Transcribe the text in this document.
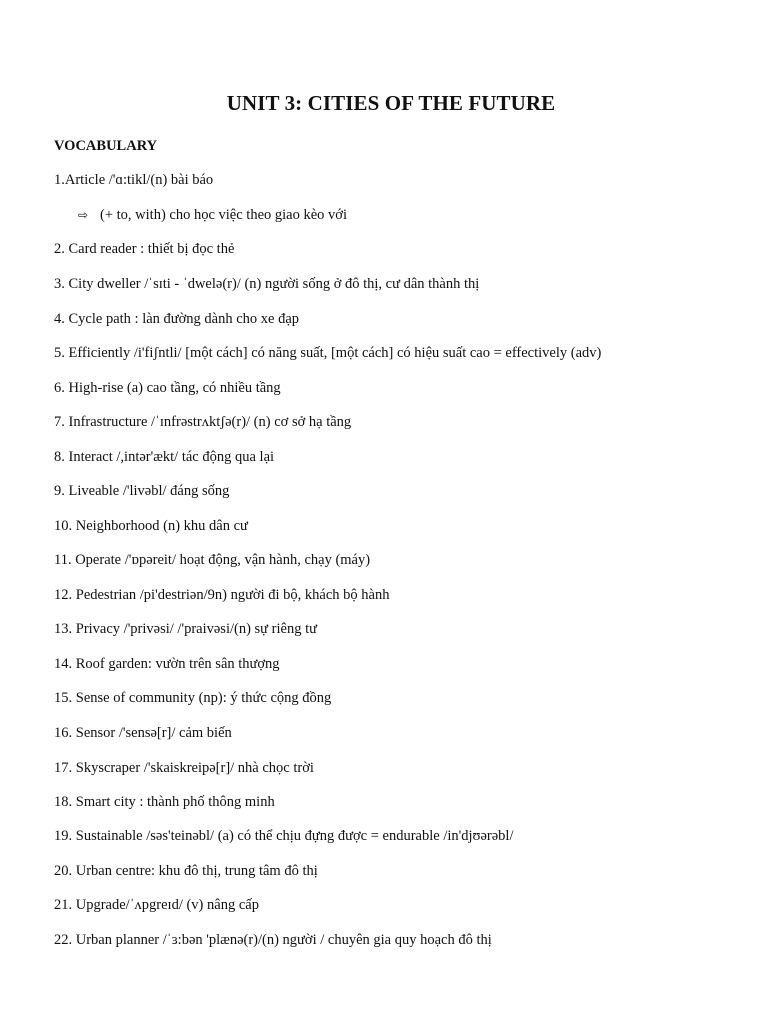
UNIT 3: CITIES OF THE FUTURE
VOCABULARY
1.Article /'ɑ:tikl/(n) bài báo
⇨ (+ to, with) cho học việc theo giao kèo với
2. Card reader : thiết bị đọc thẻ
3. City dweller /ˈsɪti - ˈdwelə(r)/ (n) người sống ở đô thị, cư dân thành thị
4. Cycle path : làn đường dành cho xe đạp
5. Efficiently /i'fiʃntli/ [một cách] có năng suất, [một cách] có hiệu suất cao = effectively (adv)
6. High-rise (a) cao tầng, có nhiều tầng
7. Infrastructure /ˈɪnfrəstrʌktʃə(r)/ (n) cơ sở hạ tầng
8. Interact /,intər'ækt/ tác động qua lại
9. Liveable /'livəbl/ đáng sống
10. Neighborhood (n) khu dân cư
11. Operate /'ɒpəreit/ hoạt động, vận hành, chạy (máy)
12. Pedestrian /pi'destriən/9n) người đi bộ, khách bộ hành
13. Privacy /'privəsi/ /'praivəsi/(n) sự riêng tư
14. Roof garden: vườn trên sân thượng
15. Sense of community (np): ý thức cộng đồng
16. Sensor /'sensə[r]/ cảm biến
17. Skyscraper /'skaiskreipə[r]/ nhà chọc trời
18. Smart city : thành phố thông minh
19. Sustainable /səs'teinəbl/ (a) có thể chịu đựng được = endurable /in'djʊərəbl/
20. Urban centre: khu đô thị, trung tâm đô thị
21. Upgrade/ˈʌpgreɪd/ (v) nâng cấp
22. Urban planner /ˈɜ:bən 'plænə(r)/(n) người / chuyên gia quy hoạch đô thị
